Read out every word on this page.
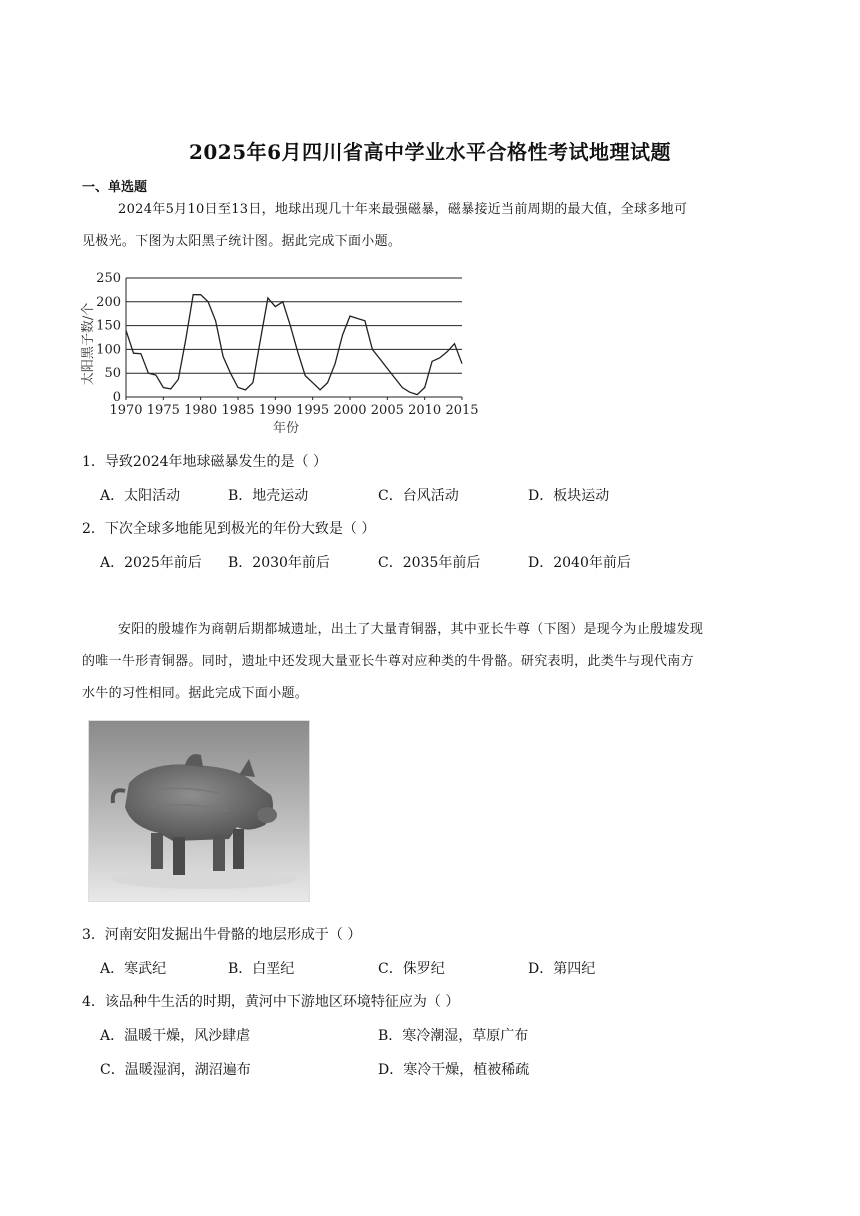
2025年6月四川省高中学业水平合格性考试地理试题
一、单选题
2024年5月10日至13日，地球出现几十年来最强磁暴，磁暴接近当前周期的最大值，全球多地可
见极光。下图为太阳黑子统计图。据此完成下面小题。
0
50
100
150
200
250
1970 1975 1980 1985 1990 1995 2000 2005 2010 2015
太阳黑子数/个
年份
1．导致2024年地球磁暴发生的是（ ）
A．太阳活动	B．地壳运动	C．台风活动	D．板块运动
2．下次全球多地能见到极光的年份大致是（ ）
A．2025年前后 B．2030年前后	C．2035年前后	D．2040年前后
安阳的殷墟作为商朝后期都城遗址，出土了大量青铜器，其中亚长牛尊（下图）是现今为止殷墟发现
的唯一牛形青铜器。同时，遗址中还发现大量亚长牛尊对应种类的牛骨骼。研究表明，此类牛与现代南方
水牛的习性相同。据此完成下面小题。
3．河南安阳发掘出牛骨骼的地层形成于（ ）
A．寒武纪	B．白垩纪	C．侏罗纪	D．第四纪
4．该品种牛生活的时期，黄河中下游地区环境特征应为（ ）
A．温暖干燥，风沙肆虐	B．寒冷潮湿，草原广布
C．温暖湿润，湖沼遍布	D．寒冷干燥，植被稀疏
